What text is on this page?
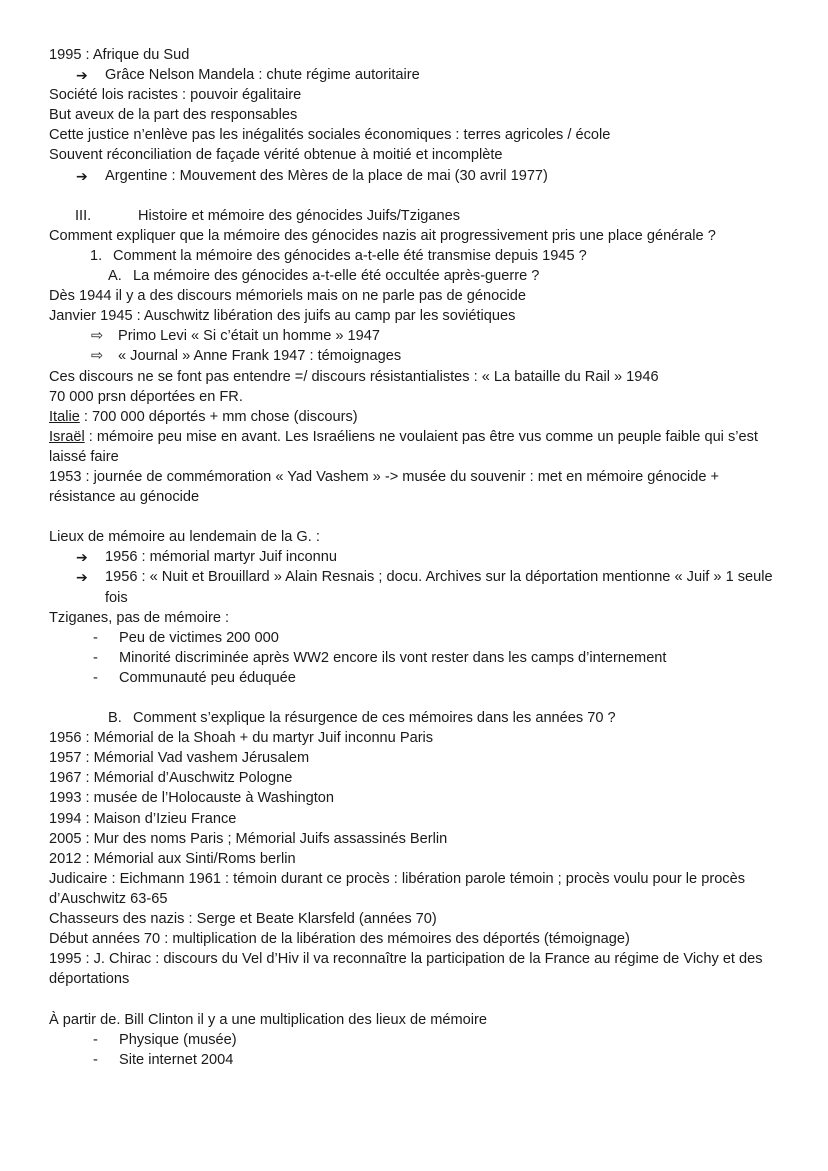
1995 : Afrique du Sud

➔	Grâce Nelson Mandela : chute régime autoritaire

Société lois racistes : pouvoir égalitaire

But aveux de la part des responsables

Cette justice n’enlève pas les inégalités sociales économiques : terres agricoles / école

Souvent réconciliation de façade vérité obtenue à moitié et incomplète

➔	Argentine : Mouvement des Mères de la place de mai (30 avril 1977)
III.	Histoire et mémoire des génocides Juifs/Tziganes

Comment expliquer que la mémoire des génocides nazis ait progressivement pris une place générale ?

1. Comment la mémoire des génocides a-t-elle été transmise depuis 1945 ?
A. La mémoire des génocides a-t-elle été occultée après-guerre ?

Dès 1944 il y a des discours mémoriels mais on ne parle pas de génocide

Janvier 1945 : Auschwitz libération des juifs au camp par les soviétiques

⇨	Primo Levi « Si c’était un homme » 1947
⇨	« Journal » Anne Frank 1947 : témoignages

Ces discours ne se font pas entendre =/ discours résistantialistes : « La bataille du Rail » 1946

70 000 prsn déportées en FR.

Italie : 700 000 déportés + mm chose (discours)

Israël : mémoire peu mise en avant. Les Israéliens ne voulaient pas être vus comme un peuple faible qui s’est laissé faire

1953 : journée de commémoration « Yad Vashem » -> musée du souvenir : met en mémoire génocide + résistance au génocide

Lieux de mémoire au lendemain de la G. :

➔	1956 : mémorial martyr Juif inconnu
➔	1956 : « Nuit et Brouillard » Alain Resnais ; docu. Archives sur la déportation mentionne « Juif » 1 seule fois

Tziganes, pas de mémoire :

-	Peu de victimes 200 000
-	Minorité discriminée après WW2 encore ils vont rester dans les camps d’internement
-	Communauté peu éduquée
B. Comment s’explique la résurgence de ces mémoires dans les années 70 ?

1956 : Mémorial de la Shoah + du martyr Juif inconnu Paris

1957 : Mémorial Vad vashem Jérusalem

1967 : Mémorial d’Auschwitz Pologne

1993 : musée de l’Holocauste à Washington

1994 : Maison d’Izieu France

2005 : Mur des noms Paris ; Mémorial Juifs assassinés Berlin

2012 : Mémorial aux Sinti/Roms berlin

Judicaire : Eichmann 1961 : témoin durant ce procès : libération parole témoin ; procès voulu pour le procès   d’Auschwitz 63-65

Chasseurs des nazis : Serge et Beate Klarsfeld (années 70)

Début années 70 : multiplication de la libération des mémoires des déportés (témoignage)

1995 : J. Chirac : discours du Vel d’Hiv il va reconnaître la participation de la France au régime de Vichy et des déportations

À partir de. Bill Clinton il y a une multiplication des lieux de mémoire

-	Physique (musée)
-	Site internet 2004
